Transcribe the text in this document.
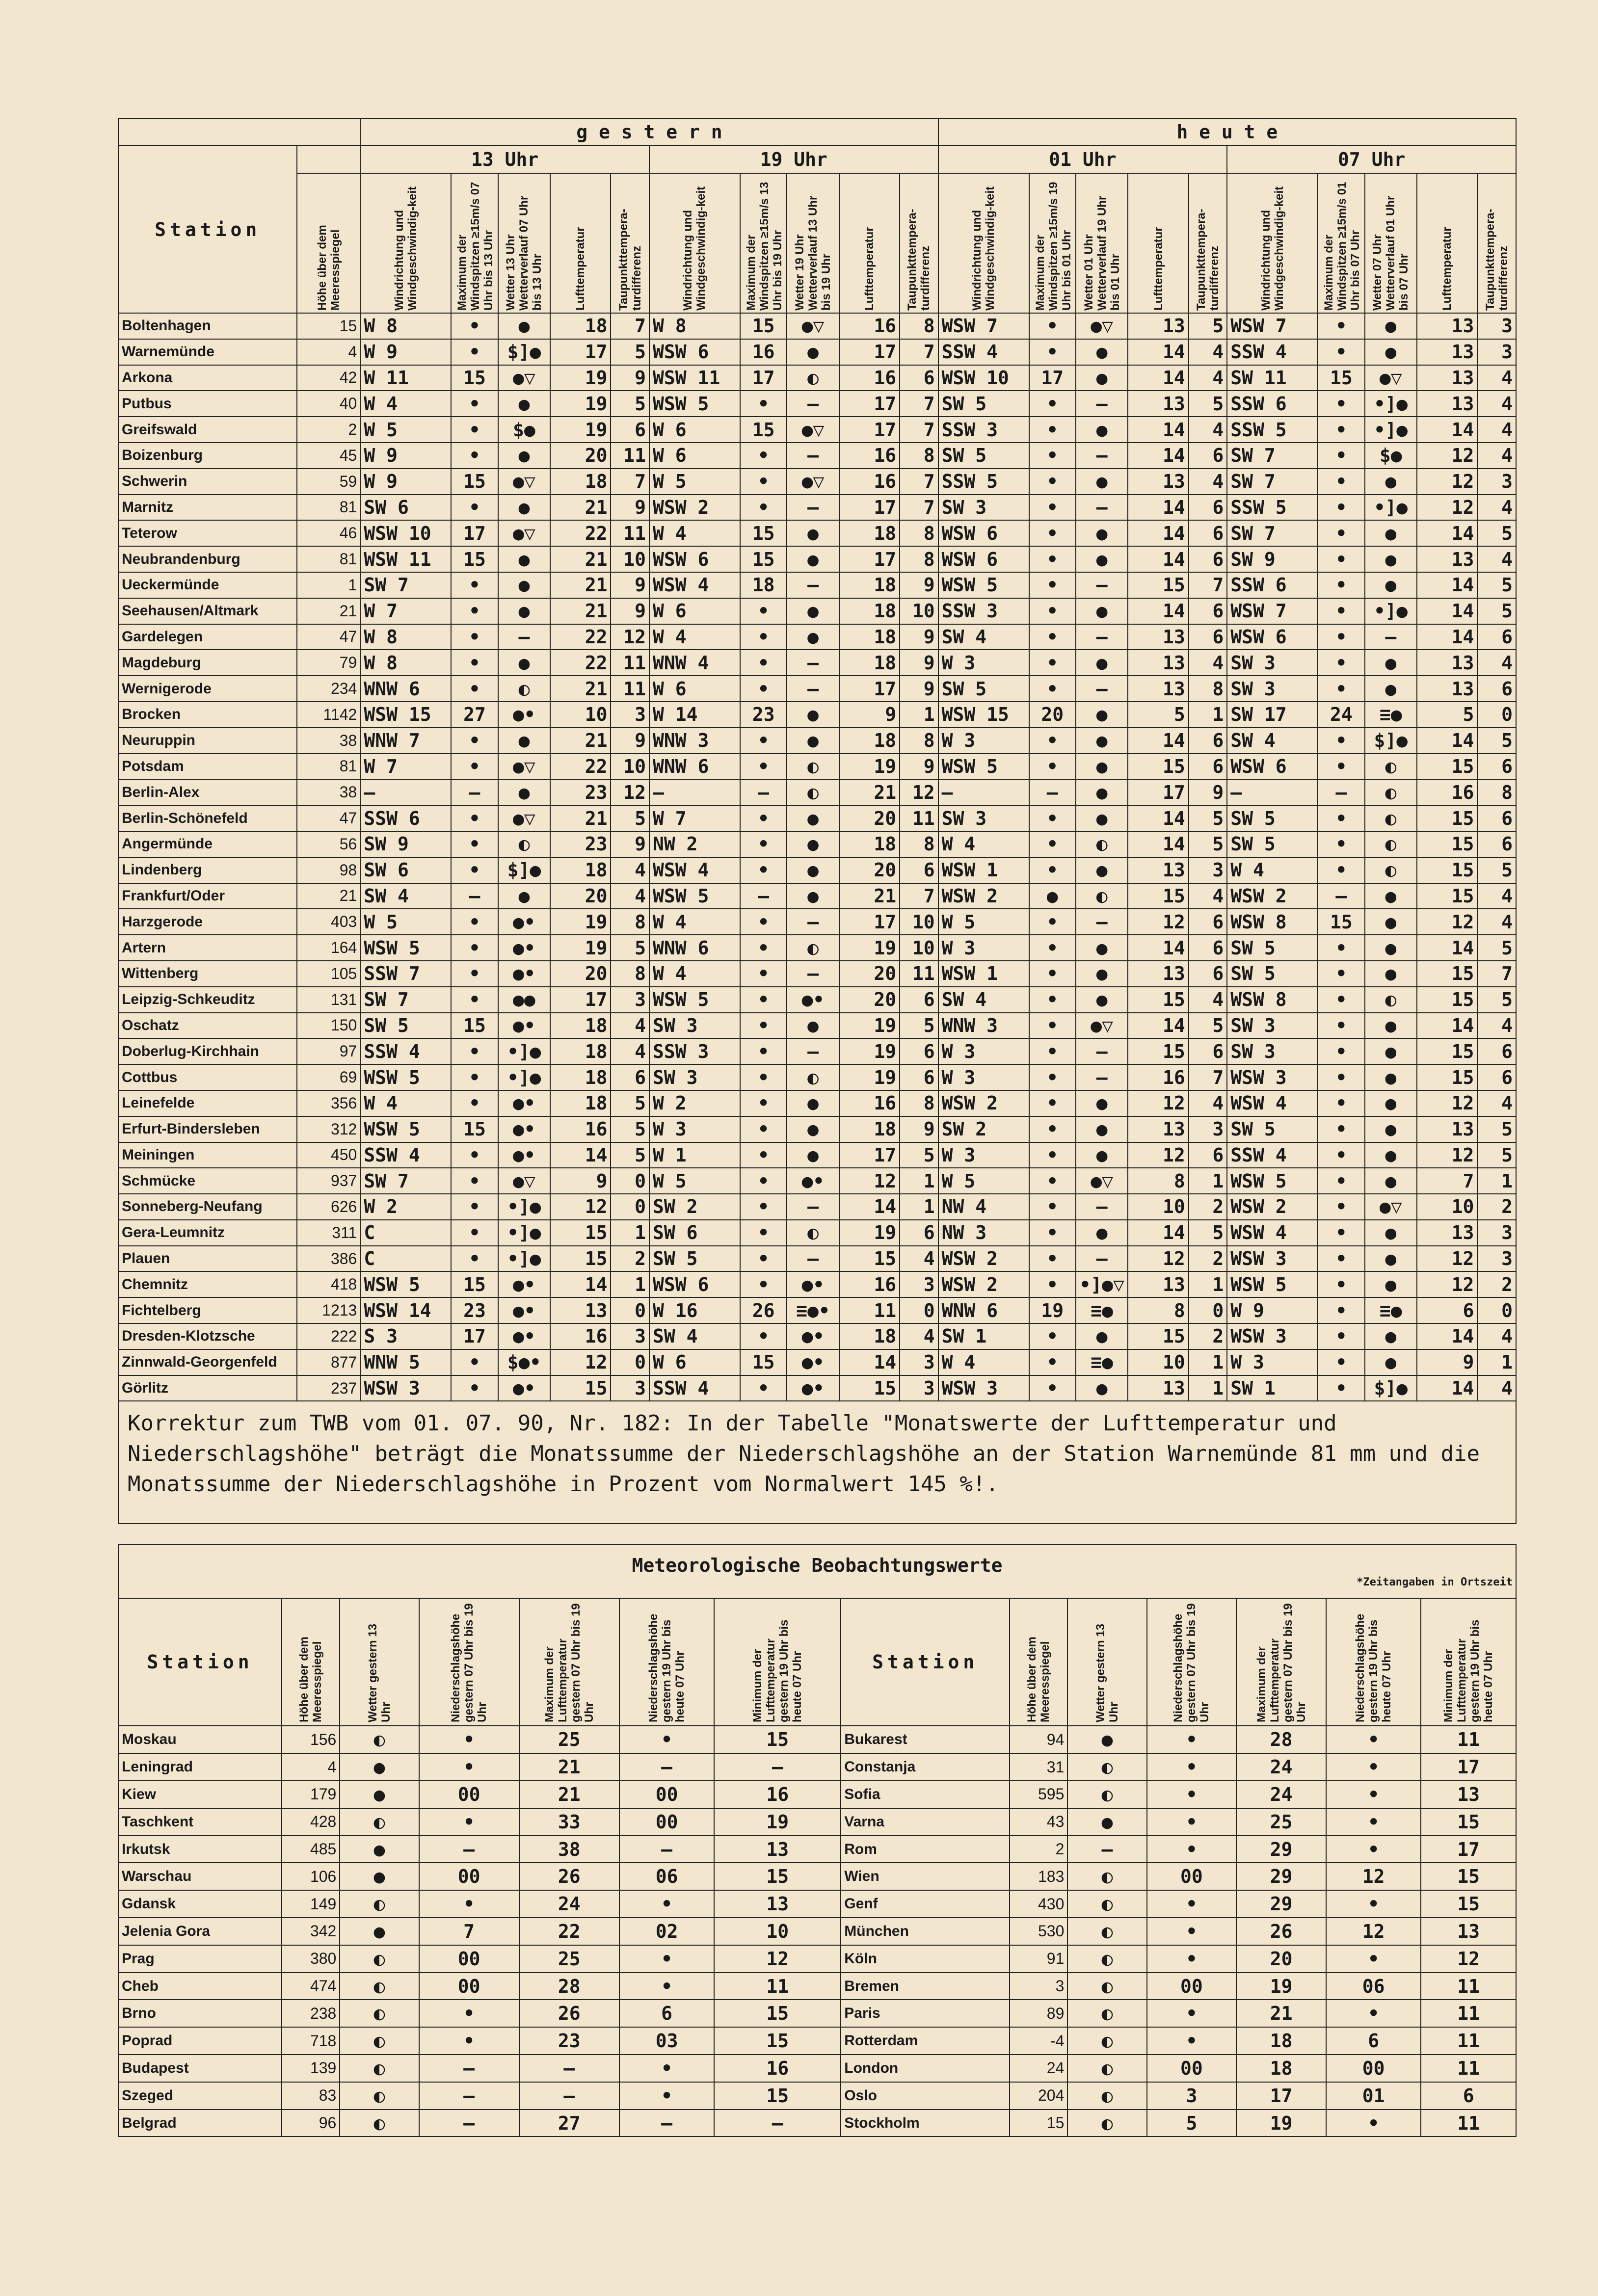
		g e s t e r n										h e u t e									
Station		13 Uhr					19 Uhr					01 Uhr					07 Uhr				

	Höhe über dem Meeresspiegel	Windrichtung und Windgeschwindig-keit	Maximum der Windspitzen ≥15m/s 07 Uhr bis 13 Uhr	Wetter 13 Uhr Wetterverlauf 07 Uhr bis 13 Uhr	Lufttemperatur	Taupunkttempera-turdifferenz	Windrichtung und Windgeschwindig-keit	Maximum der Windspitzen ≥15m/s 13 Uhr bis 19 Uhr	Wetter 19 Uhr Wetterverlauf 13 Uhr bis 19 Uhr	Lufttemperatur	Taupunkttempera-turdifferenz	Windrichtung und Windgeschwindig-keit	Maximum der Windspitzen ≥15m/s 19 Uhr bis 01 Uhr	Wetter 01 Uhr Wetterverlauf 19 Uhr bis 01 Uhr	Lufttemperatur	Taupunkttempera-turdifferenz	Windrichtung und Windgeschwindig-keit	Maximum der Windspitzen ≥15m/s 01 Uhr bis 07 Uhr	Wetter 07 Uhr Wetterverlauf 01 Uhr bis 07 Uhr	Lufttemperatur	Taupunkttempera-turdifferenz

Boltenhagen	15	W 8	•	●	18	7	W 8	15	●▽	16	8	WSW 7	•	●▽	13	5	WSW 7	•	●	13	3
Warnemünde	4	W 9	•	$]●	17	5	WSW 6	16	●	17	7	SSW 4	•	●	14	4	SSW 4	•	●	13	3
Arkona	42	W 11	15	●▽	19	9	WSW 11	17	◐	16	6	WSW 10	17	●	14	4	SW 11	15	●▽	13	4
Putbus	40	W 4	•	●	19	5	WSW 5	•	–	17	7	SW 5	•	–	13	5	SSW 6	•	•]●	13	4
Greifswald	2	W 5	•	$●	19	6	W 6	15	●▽	17	7	SSW 3	•	●	14	4	SSW 5	•	•]●	14	4
Boizenburg	45	W 9	•	●	20	11	W 6	•	–	16	8	SW 5	•	–	14	6	SW 7	•	$●	12	4
Schwerin	59	W 9	15	●▽	18	7	W 5	•	●▽	16	7	SSW 5	•	●	13	4	SW 7	•	●	12	3
Marnitz	81	SW 6	•	●	21	9	WSW 2	•	–	17	7	SW 3	•	–	14	6	SSW 5	•	•]●	12	4
Teterow	46	WSW 10	17	●▽	22	11	W 4	15	●	18	8	WSW 6	•	●	14	6	SW 7	•	●	14	5
Neubrandenburg	81	WSW 11	15	●	21	10	WSW 6	15	●	17	8	WSW 6	•	●	14	6	SW 9	•	●	13	4
Ueckermünde	1	SW 7	•	●	21	9	WSW 4	18	–	18	9	WSW 5	•	–	15	7	SSW 6	•	●	14	5
Seehausen/Altmark	21	W 7	•	●	21	9	W 6	•	●	18	10	SSW 3	•	●	14	6	WSW 7	•	•]●	14	5
Gardelegen	47	W 8	•	–	22	12	W 4	•	●	18	9	SW 4	•	–	13	6	WSW 6	•	–	14	6
Magdeburg	79	W 8	•	●	22	11	WNW 4	•	–	18	9	W 3	•	●	13	4	SW 3	•	●	13	4
Wernigerode	234	WNW 6	•	◐	21	11	W 6	•	–	17	9	SW 5	•	–	13	8	SW 3	•	●	13	6
Brocken	1142	WSW 15	27	●•	10	3	W 14	23	●	9	1	WSW 15	20	●	5	1	SW 17	24	≡●	5	0
Neuruppin	38	WNW 7	•	●	21	9	WNW 3	•	●	18	8	W 3	•	●	14	6	SW 4	•	$]●	14	5
Potsdam	81	W 7	•	●▽	22	10	WNW 6	•	◐	19	9	WSW 5	•	●	15	6	WSW 6	•	◐	15	6
Berlin-Alex	38	–	–	●	23	12	–	–	◐	21	12	–	–	●	17	9	–	–	◐	16	8
Berlin-Schönefeld	47	SSW 6	•	●▽	21	5	W 7	•	●	20	11	SW 3	•	●	14	5	SW 5	•	◐	15	6
Angermünde	56	SW 9	•	◐	23	9	NW 2	•	●	18	8	W 4	•	◐	14	5	SW 5	•	◐	15	6
Lindenberg	98	SW 6	•	$]●	18	4	WSW 4	•	●	20	6	WSW 1	•	●	13	3	W 4	•	◐	15	5
Frankfurt/Oder	21	SW 4	–	●	20	4	WSW 5	–	●	21	7	WSW 2	●	◐	15	4	WSW 2	–	●	15	4
Harzgerode	403	W 5	•	●•	19	8	W 4	•	–	17	10	W 5	•	–	12	6	WSW 8	15	●	12	4
Artern	164	WSW 5	•	●•	19	5	WNW 6	•	◐	19	10	W 3	•	●	14	6	SW 5	•	●	14	5
Wittenberg	105	SSW 7	•	●•	20	8	W 4	•	–	20	11	WSW 1	•	●	13	6	SW 5	•	●	15	7
Leipzig-Schkeuditz	131	SW 7	•	●●	17	3	WSW 5	•	●•	20	6	SW 4	•	●	15	4	WSW 8	•	◐	15	5
Oschatz	150	SW 5	15	●•	18	4	SW 3	•	●	19	5	WNW 3	•	●▽	14	5	SW 3	•	●	14	4
Doberlug-Kirchhain	97	SSW 4	•	•]●	18	4	SSW 3	•	–	19	6	W 3	•	–	15	6	SW 3	•	●	15	6
Cottbus	69	WSW 5	•	•]●	18	6	SW 3	•	◐	19	6	W 3	•	–	16	7	WSW 3	•	●	15	6
Leinefelde	356	W 4	•	●•	18	5	W 2	•	●	16	8	WSW 2	•	●	12	4	WSW 4	•	●	12	4
Erfurt-Bindersleben	312	WSW 5	15	●•	16	5	W 3	•	●	18	9	SW 2	•	●	13	3	SW 5	•	●	13	5
Meiningen	450	SSW 4	•	●•	14	5	W 1	•	●	17	5	W 3	•	●	12	6	SSW 4	•	●	12	5
Schmücke	937	SW 7	•	●▽	9	0	W 5	•	●•	12	1	W 5	•	●▽	8	1	WSW 5	•	●	7	1
Sonneberg-Neufang	626	W 2	•	•]●	12	0	SW 2	•	–	14	1	NW 4	•	–	10	2	WSW 2	•	●▽	10	2
Gera-Leumnitz	311	C	•	•]●	15	1	SW 6	•	◐	19	6	NW 3	•	●	14	5	WSW 4	•	●	13	3
Plauen	386	C	•	•]●	15	2	SW 5	•	–	15	4	WSW 2	•	–	12	2	WSW 3	•	●	12	3
Chemnitz	418	WSW 5	15	●•	14	1	WSW 6	•	●•	16	3	WSW 2	•	•]●▽	13	1	WSW 5	•	●	12	2
Fichtelberg	1213	WSW 14	23	●•	13	0	W 16	26	≡●•	11	0	WNW 6	19	≡●	8	0	W 9	•	≡●	6	0
Dresden-Klotzsche	222	S 3	17	●•	16	3	SW 4	•	●•	18	4	SW 1	•	●	15	2	WSW 3	•	●	14	4
Zinnwald-Georgenfeld	877	WNW 5	•	$●•	12	0	W 6	15	●•	14	3	W 4	•	≡●	10	1	W 3	•	●	9	1
Görlitz	237	WSW 3	•	●•	15	3	SSW 4	•	●•	15	3	WSW 3	•	●	13	1	SW 1	•	$]●	14	4
Korrektur zum TWB vom 01. 07. 90, Nr. 182: In der Tabelle "Monatswerte der Lufttemperatur und Niederschlagshöhe" beträgt die Monatssumme der Niederschlagshöhe an der Station Warnemünde 81 mm und die Monatssumme der Niederschlagshöhe in Prozent vom Normalwert 145 %!.
Meteorologische Beobachtungswerte
*Zeitangaben in Ortszeit													

Station	Höhe über dem Meeresspiegel	Wetter gestern 13 Uhr	Niederschlagshöhe gestern 07 Uhr bis 19 Uhr	Maximum der Lufttemperatur gestern 07 Uhr bis 19 Uhr	Niederschlagshöhe gestern 19 Uhr bis heute 07 Uhr	Minimum der Lufttemperatur gestern 19 Uhr bis heute 07 Uhr	Station	Höhe über dem Meeresspiegel	Wetter gestern 13 Uhr	Niederschlagshöhe gestern 07 Uhr bis 19 Uhr	Maximum der Lufttemperatur gestern 07 Uhr bis 19 Uhr	Niederschlagshöhe gestern 19 Uhr bis heute 07 Uhr	Minimum der Lufttemperatur gestern 19 Uhr bis heute 07 Uhr

Moskau	156	◐	•	25	•	15	Bukarest	94	●	•	28	•	11
Leningrad	4	●	•	21	–	–	Constanja	31	◐	•	24	•	17
Kiew	179	●	00	21	00	16	Sofia	595	◐	•	24	•	13
Taschkent	428	◐	•	33	00	19	Varna	43	●	•	25	•	15
Irkutsk	485	●	–	38	–	13	Rom	2	–	•	29	•	17
Warschau	106	●	00	26	06	15	Wien	183	◐	00	29	12	15
Gdansk	149	◐	•	24	•	13	Genf	430	◐	•	29	•	15
Jelenia Gora	342	●	7	22	02	10	München	530	◐	•	26	12	13
Prag	380	◐	00	25	•	12	Köln	91	◐	•	20	•	12
Cheb	474	◐	00	28	•	11	Bremen	3	◐	00	19	06	11
Brno	238	◐	•	26	6	15	Paris	89	◐	•	21	•	11
Poprad	718	◐	•	23	03	15	Rotterdam	-4	◐	•	18	6	11
Budapest	139	◐	–	–	•	16	London	24	◐	00	18	00	11
Szeged	83	◐	–	–	•	15	Oslo	204	◐	3	17	01	6
Belgrad	96	◐	–	27	–	–	Stockholm	15	◐	5	19	•	11
